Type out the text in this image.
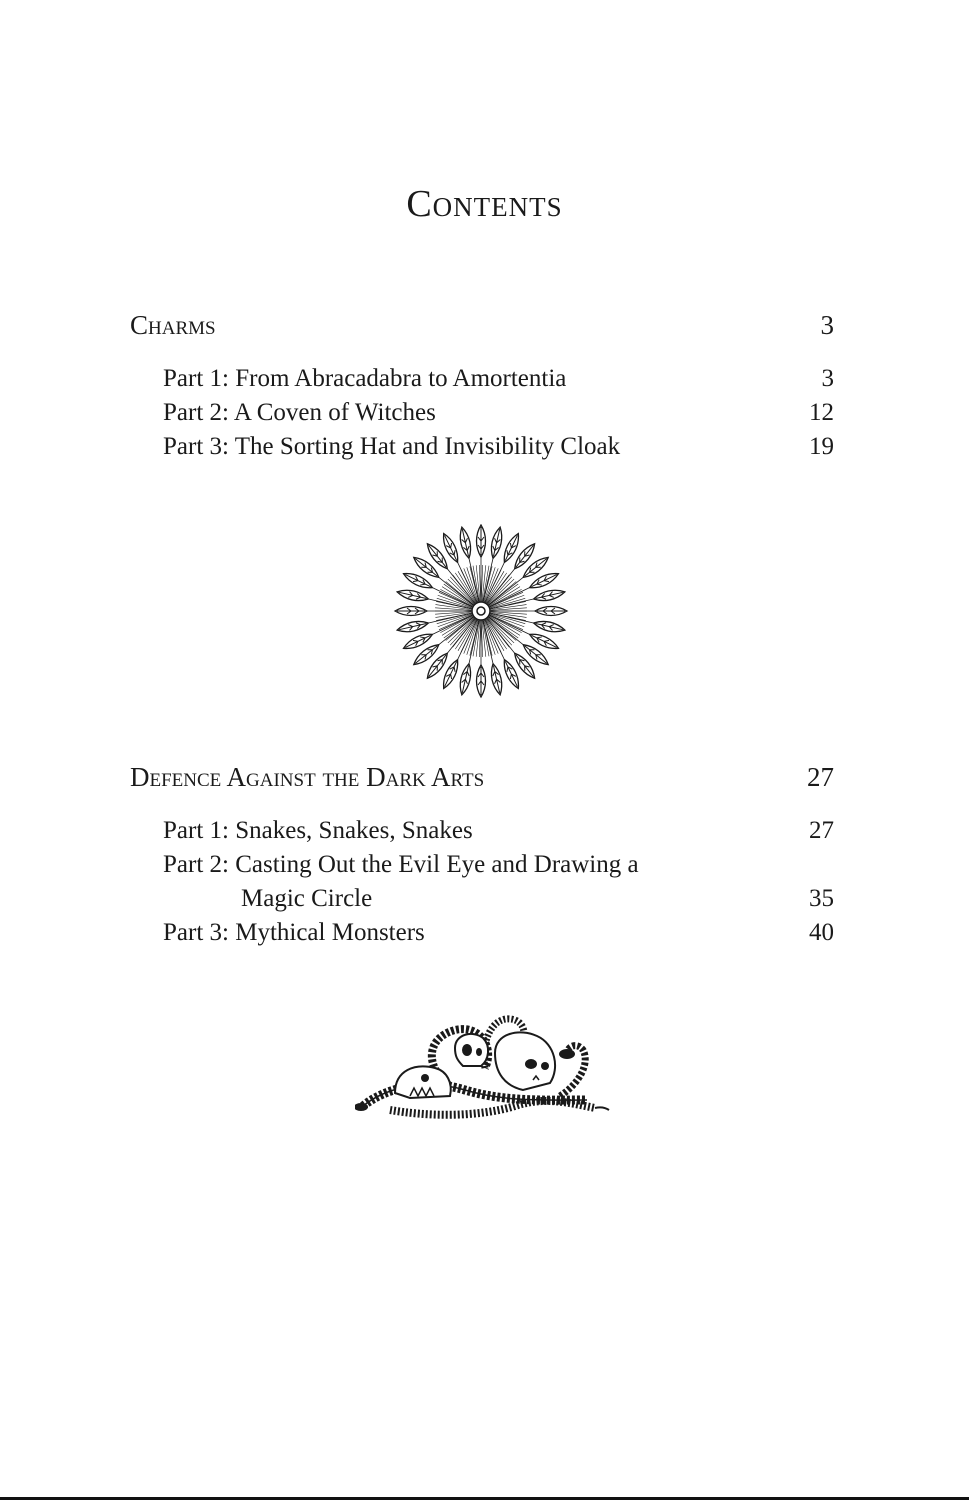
Contents
Charms	3
Part 1: From Abracadabra to Amortentia	3
Part 2: A Coven of Witches	12
Part 3: The Sorting Hat and Invisibility Cloak	19
Defence Against the Dark Arts	27
Part 1: Snakes, Snakes, Snakes	27
Part 2: Casting Out the Evil Eye and Drawing a
Magic Circle	35
Part 3: Mythical Monsters	40
